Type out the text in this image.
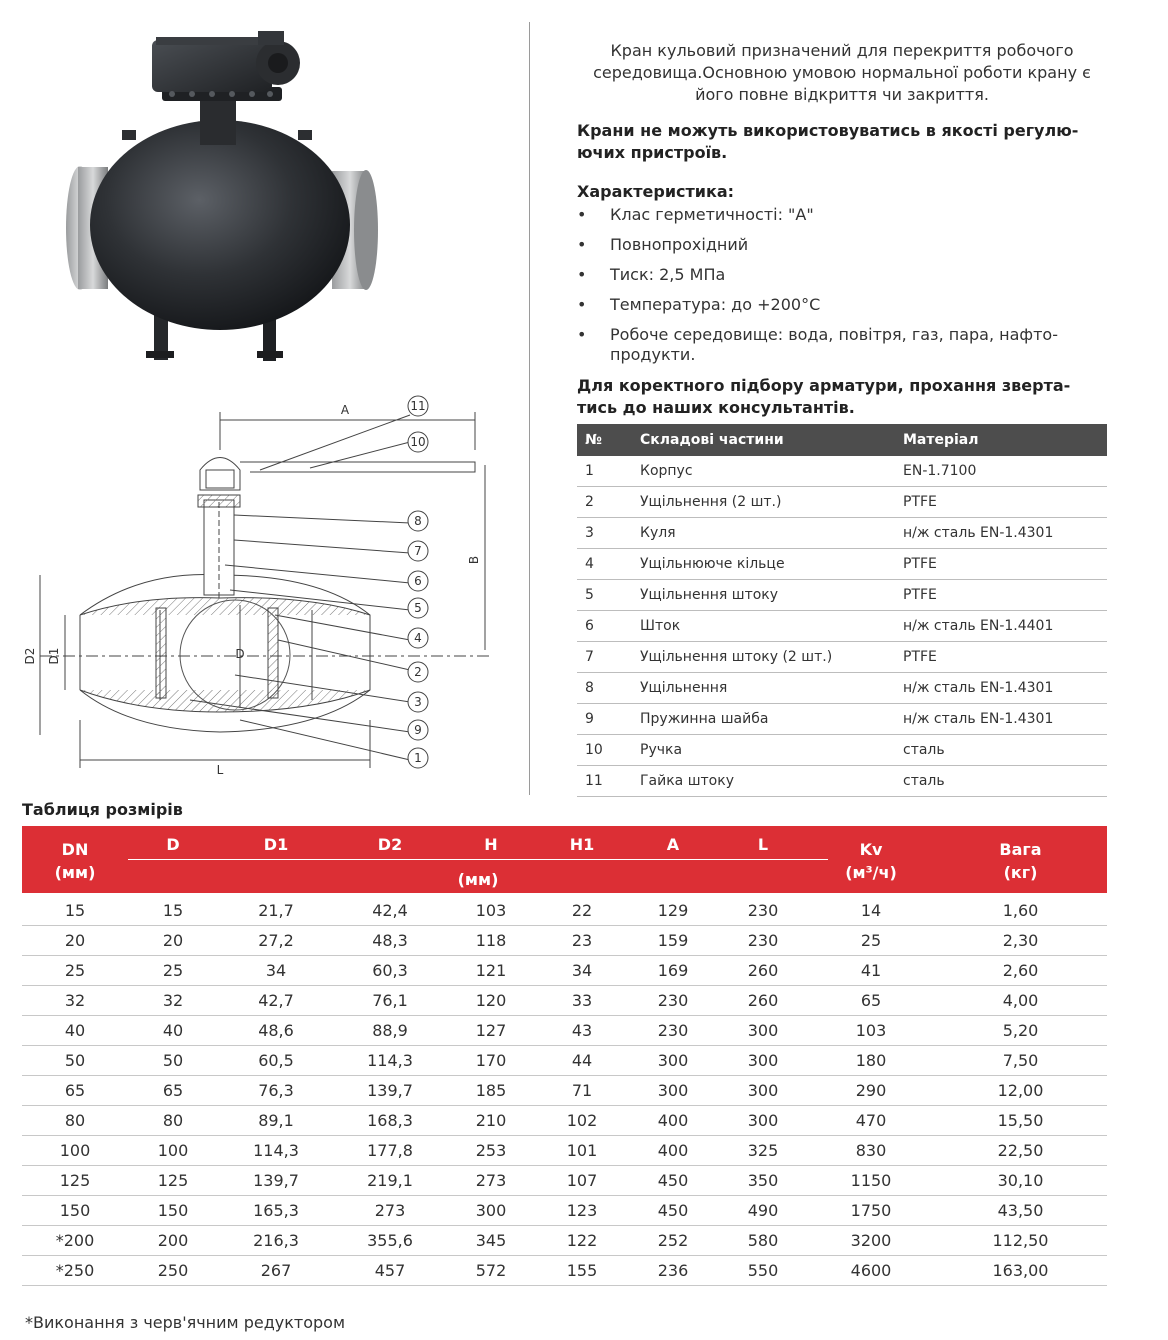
A
B
D
D1
D2
L
11
10
8
7
6
5
4
2
3
9
1

Кран кульовий призначений для перекриття робочого середовища.Основною умовою нормальної роботи крану є його повне відкриття чи закриття.

Крани не можуть використовуватись в якості регулю-ючих пристроїв.

Характеристика:

• Клас герметичності: "А"
• Повнопрохідний
• Тиск: 2,5 МПа
• Температура: до +200°С
• Робоче середовище: вода, повітря, газ, пара, нафто-продукти.

Для коректного підбору арматури, прохання зверта-тись до наших консультантів.

№	Складові частини	Матеріал
1	Корпус	EN-1.7100
2	Ущільнення (2 шт.)	PTFE
3	Куля	н/ж сталь EN-1.4301
4	Ущільнююче кільце	PTFE
5	Ущільнення штоку	PTFE
6	Шток	н/ж сталь EN-1.4401
7	Ущільнення штоку (2 шт.)	PTFE
8	Ущільнення	н/ж сталь EN-1.4301
9	Пружинна шайба	н/ж сталь EN-1.4301
10	Ручка	сталь
11	Гайка штоку	сталь
Таблиця розмірів
DN
(мм)
D	D1	D2	H	H1	A	L
(мм)
Kv
(м³/ч)
Вага
(кг)
15	15	21,7	42,4	103	22	129	230	14	1,60
20	20	27,2	48,3	118	23	159	230	25	2,30
25	25	34	60,3	121	34	169	260	41	2,60
32	32	42,7	76,1	120	33	230	260	65	4,00
40	40	48,6	88,9	127	43	230	300	103	5,20
50	50	60,5	114,3	170	44	300	300	180	7,50
65	65	76,3	139,7	185	71	300	300	290	12,00
80	80	89,1	168,3	210	102	400	300	470	15,50
100	100	114,3	177,8	253	101	400	325	830	22,50
125	125	139,7	219,1	273	107	450	350	1150	30,10
150	150	165,3	273	300	123	450	490	1750	43,50
*200	200	216,3	355,6	345	122	252	580	3200	112,50
*250	250	267	457	572	155	236	550	4600	163,00
*Виконання з черв'ячним редуктором
